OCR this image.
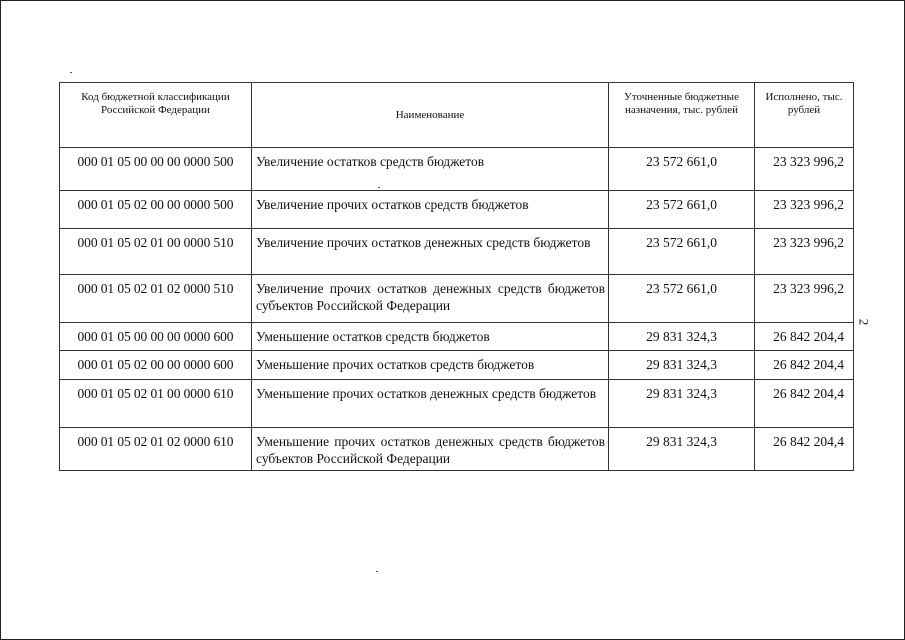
Код бюджетной классификации Российской Федерации	Наименование	Уточненные бюджетные назначения, тыс. рублей	Исполнено, тыс. рублей
000 01 05 00 00 00 0000 500	Увеличение остатков средств бюджетов	23 572 661,0	23 323 996,2
000 01 05 02 00 00 0000 500	Увеличение прочих остатков средств бюджетов	23 572 661,0	23 323 996,2
000 01 05 02 01 00 0000 510	Увеличение прочих остатков денежных средств бюджетов	23 572 661,0	23 323 996,2
000 01 05 02 01 02 0000 510	Увеличение прочих остатков денежных средств бюджетов субъектов Российской Федерации	23 572 661,0	23 323 996,2
000 01 05 00 00 00 0000 600	Уменьшение остатков средств бюджетов	29 831 324,3	26 842 204,4
000 01 05 02 00 00 0000 600	Уменьшение прочих остатков средств бюджетов	29 831 324,3	26 842 204,4
000 01 05 02 01 00 0000 610	Уменьшение прочих остатков денежных средств бюджетов	29 831 324,3	26 842 204,4
000 01 05 02 01 02 0000 610	Уменьшение прочих остатков денежных средств бюджетов субъектов Российской Федерации	29 831 324,3	26 842 204,4
2
